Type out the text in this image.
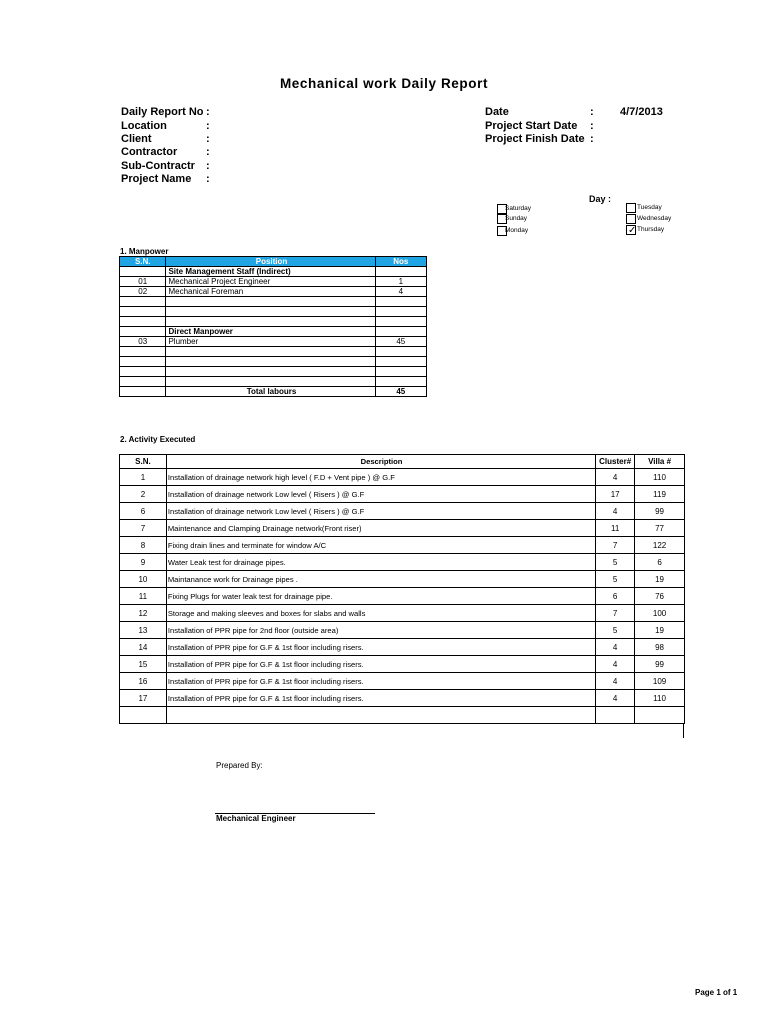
Mechanical work Daily Report
Daily Report No :
Location	:
Client	:
Contractor	:
Sub-Contractr :
Project Name :
Date	: 4/7/2013
Project Start Date :
Project Finish Date :
Day :
Saturday
Sunday
Monday
Tuesday
Wednesday
✓ Thursday
1. Manpower
S.N.	Position	Nos
	Site Management Staff (Indirect)	
01	Mechanical Project Engineer	1
02	Mechanical Foreman	4

	Direct Manpower	
03	Plumber	45

	Total labours	45
2. Activity Executed
S.N.	Description	Cluster#	Villa #
1	Installation of drainage network high level ( F.D + Vent pipe ) @ G.F	4	110
2	Installation of drainage network Low level ( Risers ) @ G.F	17	119
6	Installation of drainage network Low level ( Risers ) @ G.F	4	99
7	Maintenance and Clamping Drainage network(Front riser)	11	77
8	Fixing drain lines and terminate for window A/C	7	122
9	Water Leak test for drainage pipes.	5	6
10	Maintanance work for Drainage pipes .	5	19
11	Fixing Plugs for water leak test for drainage pipe.	6	76
12	Storage and making sleeves and boxes for slabs and walls	7	100
13	Installation of PPR pipe for 2nd floor (outside area)	5	19
14	Installation of PPR pipe for G.F & 1st floor including risers.	4	98
15	Installation of PPR pipe for G.F & 1st floor including risers.	4	99
16	Installation of PPR pipe for G.F & 1st floor including risers.	4	109
17	Installation of PPR pipe for G.F & 1st floor including risers.	4	110

Prepared By:
Mechanical Engineer
Page 1 of 1
